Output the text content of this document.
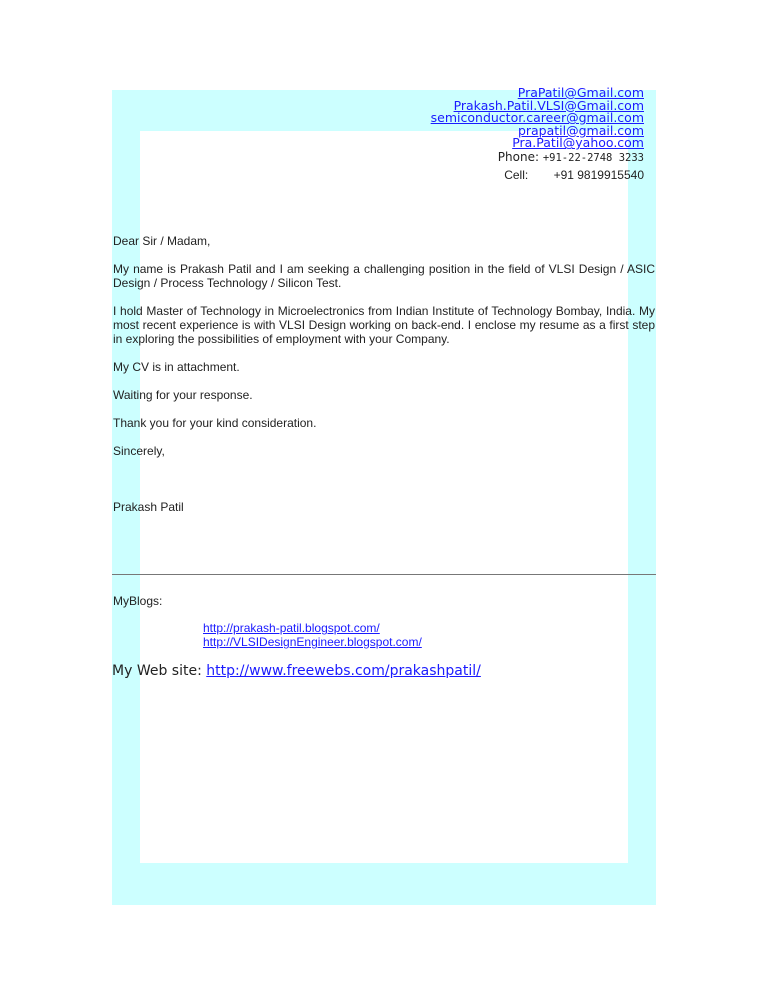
PraPatil@Gmail.com
Prakash.Patil.VLSI@Gmail.com
semiconductor.career@gmail.com
prapatil@gmail.com
Pra.Patil@yahoo.com
Phone: +91-22-2748 3233
Cell: +91 9819915540

Dear Sir / Madam,

My name is Prakash Patil and I am seeking a challenging position in the field of VLSI Design / ASIC Design / Process Technology / Silicon Test.

I hold Master of Technology in Microelectronics from Indian Institute of Technology Bombay, India. My most recent experience is with VLSI Design working on back-end. I enclose my resume as a first step in exploring the possibilities of employment with your Company.

My CV is in attachment.

Waiting for your response.

Thank you for your kind consideration.

Sincerely,

Prakash Patil

MyBlogs:
http://prakash-patil.blogspot.com/
http://VLSIDesignEngineer.blogspot.com/
My Web site: http://www.freewebs.com/prakashpatil/
